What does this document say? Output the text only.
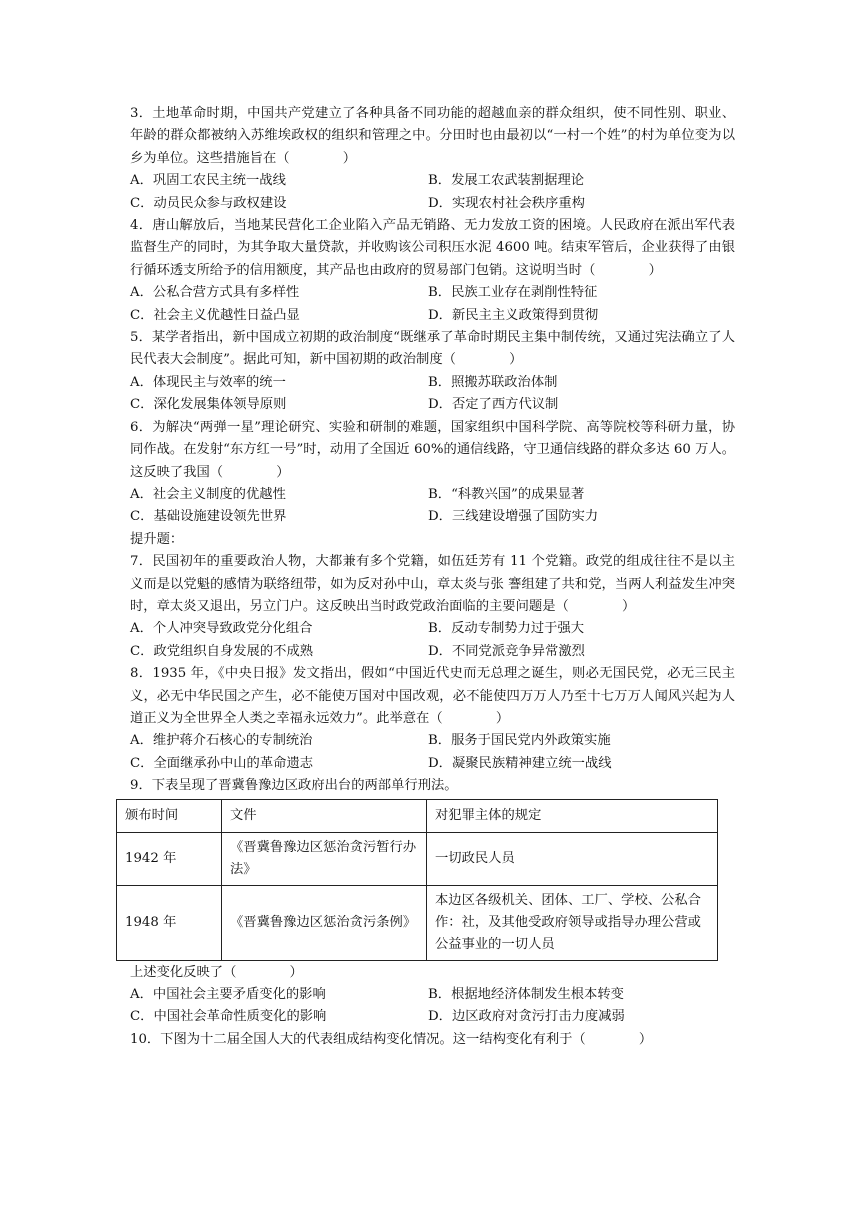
3．土地革命时期，中国共产党建立了各种具备不同功能的超越血亲的群众组织，使不同性别、职业、年龄的群众都被纳入苏维埃政权的组织和管理之中。分田时也由最初以“一村一个姓”的村为单位变为以乡为单位。这些措施旨在（　　　　）

A．巩固工农民主统一战线	B．发展工农武装割据理论
C．动员民众参与政权建设	D．实现农村社会秩序重构

4．唐山解放后，当地某民营化工企业陷入产品无销路、无力发放工资的困境。人民政府在派出军代表监督生产的同时，为其争取大量贷款，并收购该公司积压水泥 4600 吨。结束军管后，企业获得了由银行循环透支所给予的信用额度，其产品也由政府的贸易部门包销。这说明当时（　　　　）

A．公私合营方式具有多样性	B．民族工业存在剥削性特征
C．社会主义优越性日益凸显	D．新民主主义政策得到贯彻

5．某学者指出，新中国成立初期的政治制度“既继承了革命时期民主集中制传统，又通过宪法确立了人民代表大会制度”。据此可知，新中国初期的政治制度（　　　　）

A．体现民主与效率的统一	B．照搬苏联政治体制
C．深化发展集体领导原则	D．否定了西方代议制

6．为解决“两弹一星”理论研究、实验和研制的难题，国家组织中国科学院、高等院校等科研力量，协同作战。在发射“东方红一号”时，动用了全国近 60%的通信线路，守卫通信线路的群众多达 60 万人。这反映了我国（　　　　）

A．社会主义制度的优越性	B．“科教兴国”的成果显著
C．基础设施建设领先世界	D．三线建设增强了国防实力

提升题：

7．民国初年的重要政治人物，大都兼有多个党籍，如伍廷芳有 11 个党籍。政党的组成往往不是以主义而是以党魁的感情为联络纽带，如为反对孙中山，章太炎与张 謇组建了共和党，当两人利益发生冲突时，章太炎又退出，另立门户。这反映出当时政党政治面临的主要问题是（　　　　）

A．个人冲突导致政党分化组合	B．反动专制势力过于强大
C．政党组织自身发展的不成熟	D．不同党派竞争异常激烈

8．1935 年，《中央日报》发文指出，假如“中国近代史而无总理之诞生，则必无国民党，必无三民主义，必无中华民国之产生，必不能使万国对中国改观，必不能使四万万人乃至十七万万人闻风兴起为人道正义为全世界全人类之幸福永远效力”。此举意在（　　　　）

A．维护蒋介石核心的专制统治	B．服务于国民党内外政策实施
C．全面继承孙中山的革命遗志	D．凝聚民族精神建立统一战线

9．下表呈现了晋冀鲁豫边区政府出台的两部单行刑法。

颁布时间	文件	对犯罪主体的规定
1942 年	《晋冀鲁豫边区惩治贪污暂行办法》	一切政民人员
1948 年	《晋冀鲁豫边区惩治贪污条例》	本边区各级机关、团体、工厂、学校、公私合作：社，及其他受政府领导或指导办理公营或公益事业的一切人员

上述变化反映了（　　　　）

A．中国社会主要矛盾变化的影响	B．根据地经济体制发生根本转变
C．中国社会革命性质变化的影响	D．边区政府对贪污打击力度减弱

10．下图为十二届全国人大的代表组成结构变化情况。这一结构变化有利于（　　　　）
